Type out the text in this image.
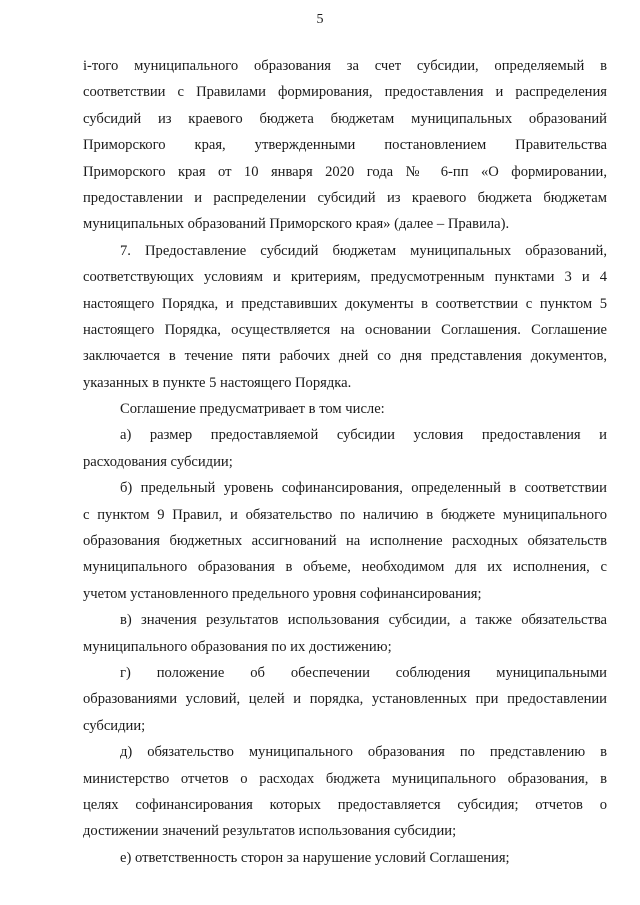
5
i-того муниципального образования за счет субсидии, определяемый в
соответствии с Правилами формирования, предоставления и распределения
субсидий из краевого бюджета бюджетам муниципальных образований
Приморского края, утвержденными постановлением Правительства
Приморского края от 10 января 2020 года № 6-пп «О формировании,
предоставлении и распределении субсидий из краевого бюджета бюджетам
муниципальных образований Приморского края» (далее – Правила).
7. Предоставление субсидий бюджетам муниципальных образований,
соответствующих условиям и критериям, предусмотренным пунктами 3 и 4
настоящего Порядка, и представивших документы в соответствии с пунктом 5
настоящего Порядка, осуществляется на основании Соглашения. Соглашение
заключается в течение пяти рабочих дней со дня представления документов,
указанных в пункте 5 настоящего Порядка.
Соглашение предусматривает в том числе:
а) размер предоставляемой субсидии условия предоставления и
расходования субсидии;
б) предельный уровень софинансирования, определенный в соответствии
с пунктом 9 Правил, и обязательство по наличию в бюджете муниципального
образования бюджетных ассигнований на исполнение расходных обязательств
муниципального образования в объеме, необходимом для их исполнения, с
учетом установленного предельного уровня софинансирования;
в) значения результатов использования субсидии, а также обязательства
муниципального образования по их достижению;
г) положение об обеспечении соблюдения муниципальными
образованиями условий, целей и порядка, установленных при предоставлении
субсидии;
д) обязательство муниципального образования по представлению в
министерство отчетов о расходах бюджета муниципального образования, в
целях софинансирования которых предоставляется субсидия; отчетов о
достижении значений результатов использования субсидии;
е) ответственность сторон за нарушение условий Соглашения;
